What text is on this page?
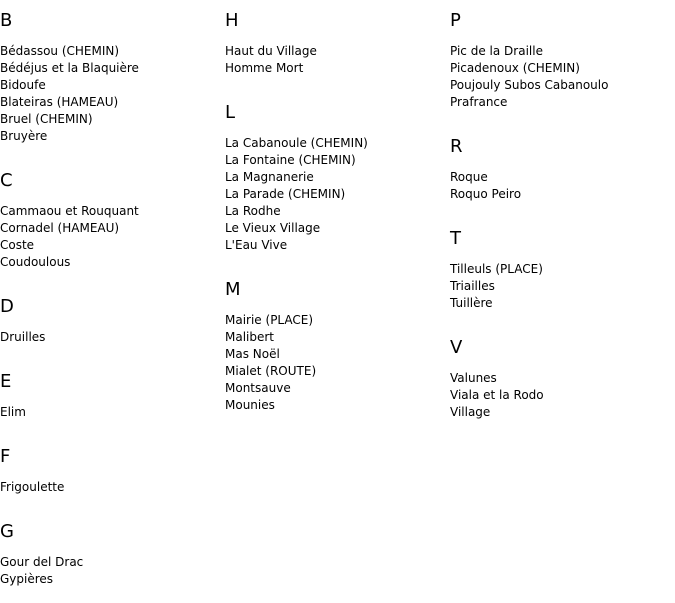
B
Bédassou (CHEMIN)
Bédéjus et la Blaquière
Bidoufe
Blateiras (HAMEAU)
Bruel (CHEMIN)
Bruyère
C
Cammaou et Rouquant
Cornadel (HAMEAU)
Coste
Coudoulous
D
Druilles
E
Elim
F
Frigoulette
G
Gour del Drac
Gypières
H
Haut du Village
Homme Mort
L
La Cabanoule (CHEMIN)
La Fontaine (CHEMIN)
La Magnanerie
La Parade (CHEMIN)
La Rodhe
Le Vieux Village
L'Eau Vive
M
Mairie (PLACE)
Malibert
Mas Noël
Mialet (ROUTE)
Montsauve
Mounies
P
Pic de la Draille
Picadenoux (CHEMIN)
Poujouly Subos Cabanoulo
Prafrance
R
Roque
Roquo Peiro
T
Tilleuls (PLACE)
Triailles
Tuillère
V
Valunes
Viala et la Rodo
Village
